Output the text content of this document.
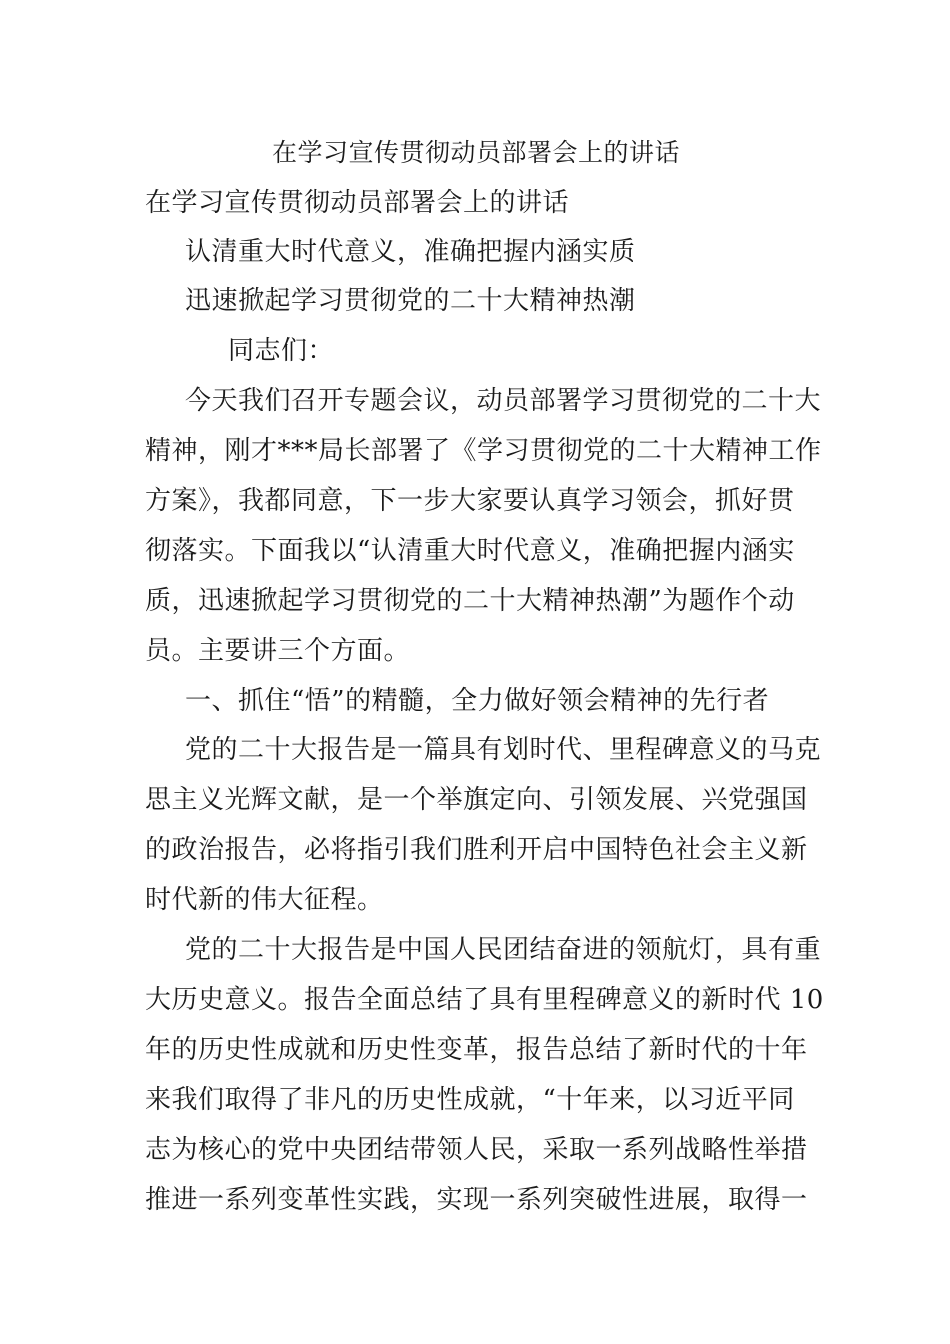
在学习宣传贯彻动员部署会上的讲话
在学习宣传贯彻动员部署会上的讲话
认清重大时代意义，准确把握内涵实质
迅速掀起学习贯彻党的二十大精神热潮
同志们：
今天我们召开专题会议，动员部署学习贯彻党的二十大
精神，刚才***局长部署了《学习贯彻党的二十大精神工作
方案》，我都同意，下一步大家要认真学习领会，抓好贯
彻落实。下面我以“认清重大时代意义，准确把握内涵实
质，迅速掀起学习贯彻党的二十大精神热潮”为题作个动
员。主要讲三个方面。
一、抓住“悟”的精髓，全力做好领会精神的先行者
党的二十大报告是一篇具有划时代、里程碑意义的马克
思主义光辉文献，是一个举旗定向、引领发展、兴党强国
的政治报告，必将指引我们胜利开启中国特色社会主义新
时代新的伟大征程。
党的二十大报告是中国人民团结奋进的领航灯，具有重
大历史意义。报告全面总结了具有里程碑意义的新时代 10
年的历史性成就和历史性变革，报告总结了新时代的十年
来我们取得了非凡的历史性成就，“十年来，以习近平同
志为核心的党中央团结带领人民，采取一系列战略性举措
推进一系列变革性实践，实现一系列突破性进展，取得一
